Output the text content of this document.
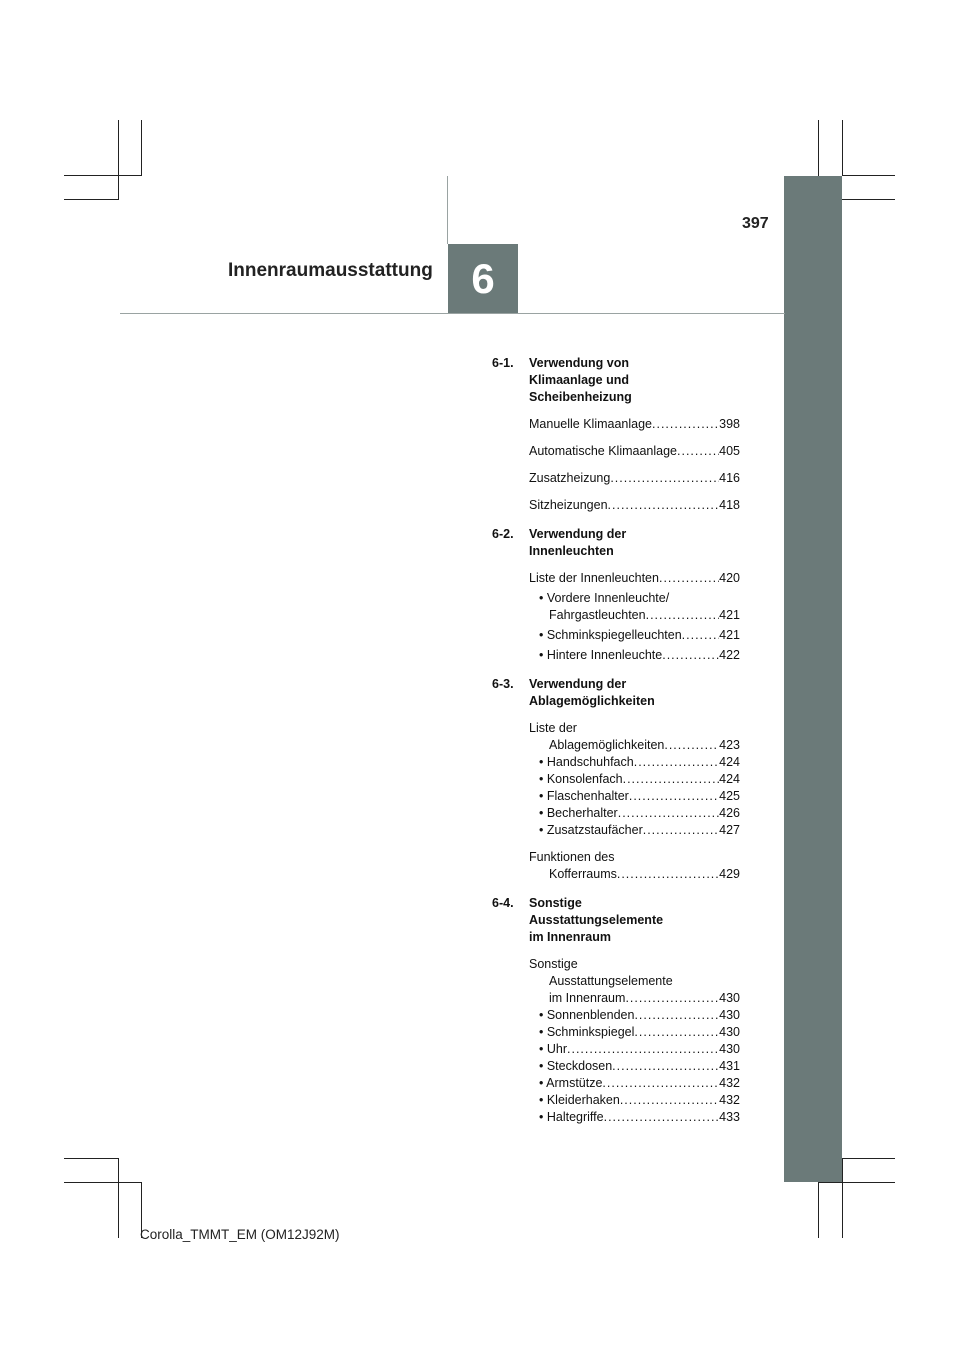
397
Innenraumausstattung 6
6-1.	Verwendung von
Klimaanlage und
Scheibenheizung
Manuelle Klimaanlage .....	398
Automatische Klimaanlage .....	405
Zusatzheizung .....	416
Sitzheizungen .....	418
6-2.	Verwendung der
Innenleuchten
Liste der Innenleuchten .....	420
• Vordere Innenleuchte/
Fahrgastleuchten .....	421
• Schminkspiegelleuchten .....	421
• Hintere Innenleuchte .....	422
6-3.	Verwendung der
Ablagemöglichkeiten
Liste der
Ablagemöglichkeiten .....	423
• Handschuhfach .....	424
• Konsolenfach .....	424
• Flaschenhalter .....	425
• Becherhalter .....	426
• Zusatzstaufächer .....	427
Funktionen des
Kofferraums .....	429
6-4.	Sonstige
Ausstattungselemente
im Innenraum
Sonstige
Ausstattungselemente
im Innenraum .....	430
• Sonnenblenden .....	430
• Schminkspiegel .....	430
• Uhr .....	430
• Steckdosen .....	431
• Armstütze .....	432
• Kleiderhaken .....	432
• Haltegriffe .....	433
Corolla_TMMT_EM (OM12J92M)
